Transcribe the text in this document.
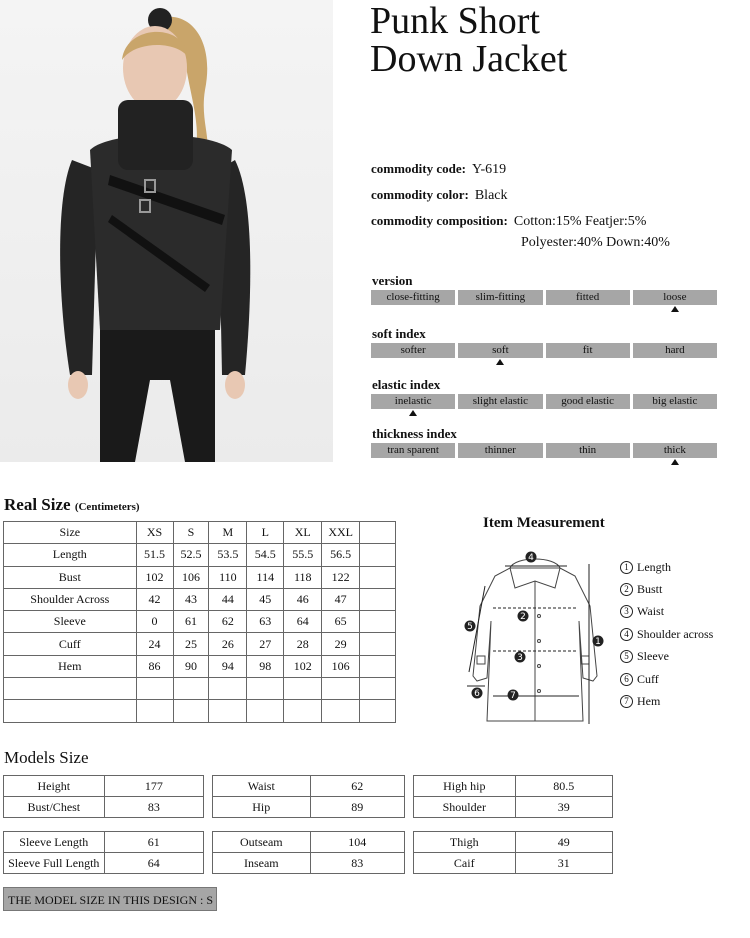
Punk Short
Down Jacket
commodity code: Y-619
commodity color: Black
commodity composition: Cotton:15% Featjer:5%
Polyester:40% Down:40%
version
close-fitting	slim-fitting	fitted	loose
soft index
softer	soft	fit	hard
elastic index
inelastic	slight elastic	good elastic	big elastic
thickness index
tran sparent	thinner	thin	thick
Real Size (Centimeters)
Size	XS	S	M	L	XL	XXL	
Length	51.5	52.5	53.5	54.5	55.5	56.5	
Bust	102	106	110	114	118	122	
Shoulder Across	42	43	44	45	46	47	
Sleeve	0	61	62	63	64	65	
Cuff	24	25	26	27	28	29	
Hem	86	90	94	98	102	106	

Item Measurement
4
2
3
5
1
6	7
1 Length
2 Bustt
3 Waist
4 Shoulder across
5 Sleeve
6 Cuff
7 Hem
Models Size
Height	177
Bust/Chest	83
Waist	62
Hip	89
High hip	80.5
Shoulder	39
Sleeve Length	61
Sleeve Full Length	64
Outseam	104
Inseam	83
Thigh	49
Caif	31
THE MODEL SIZE IN THIS DESIGN : S
